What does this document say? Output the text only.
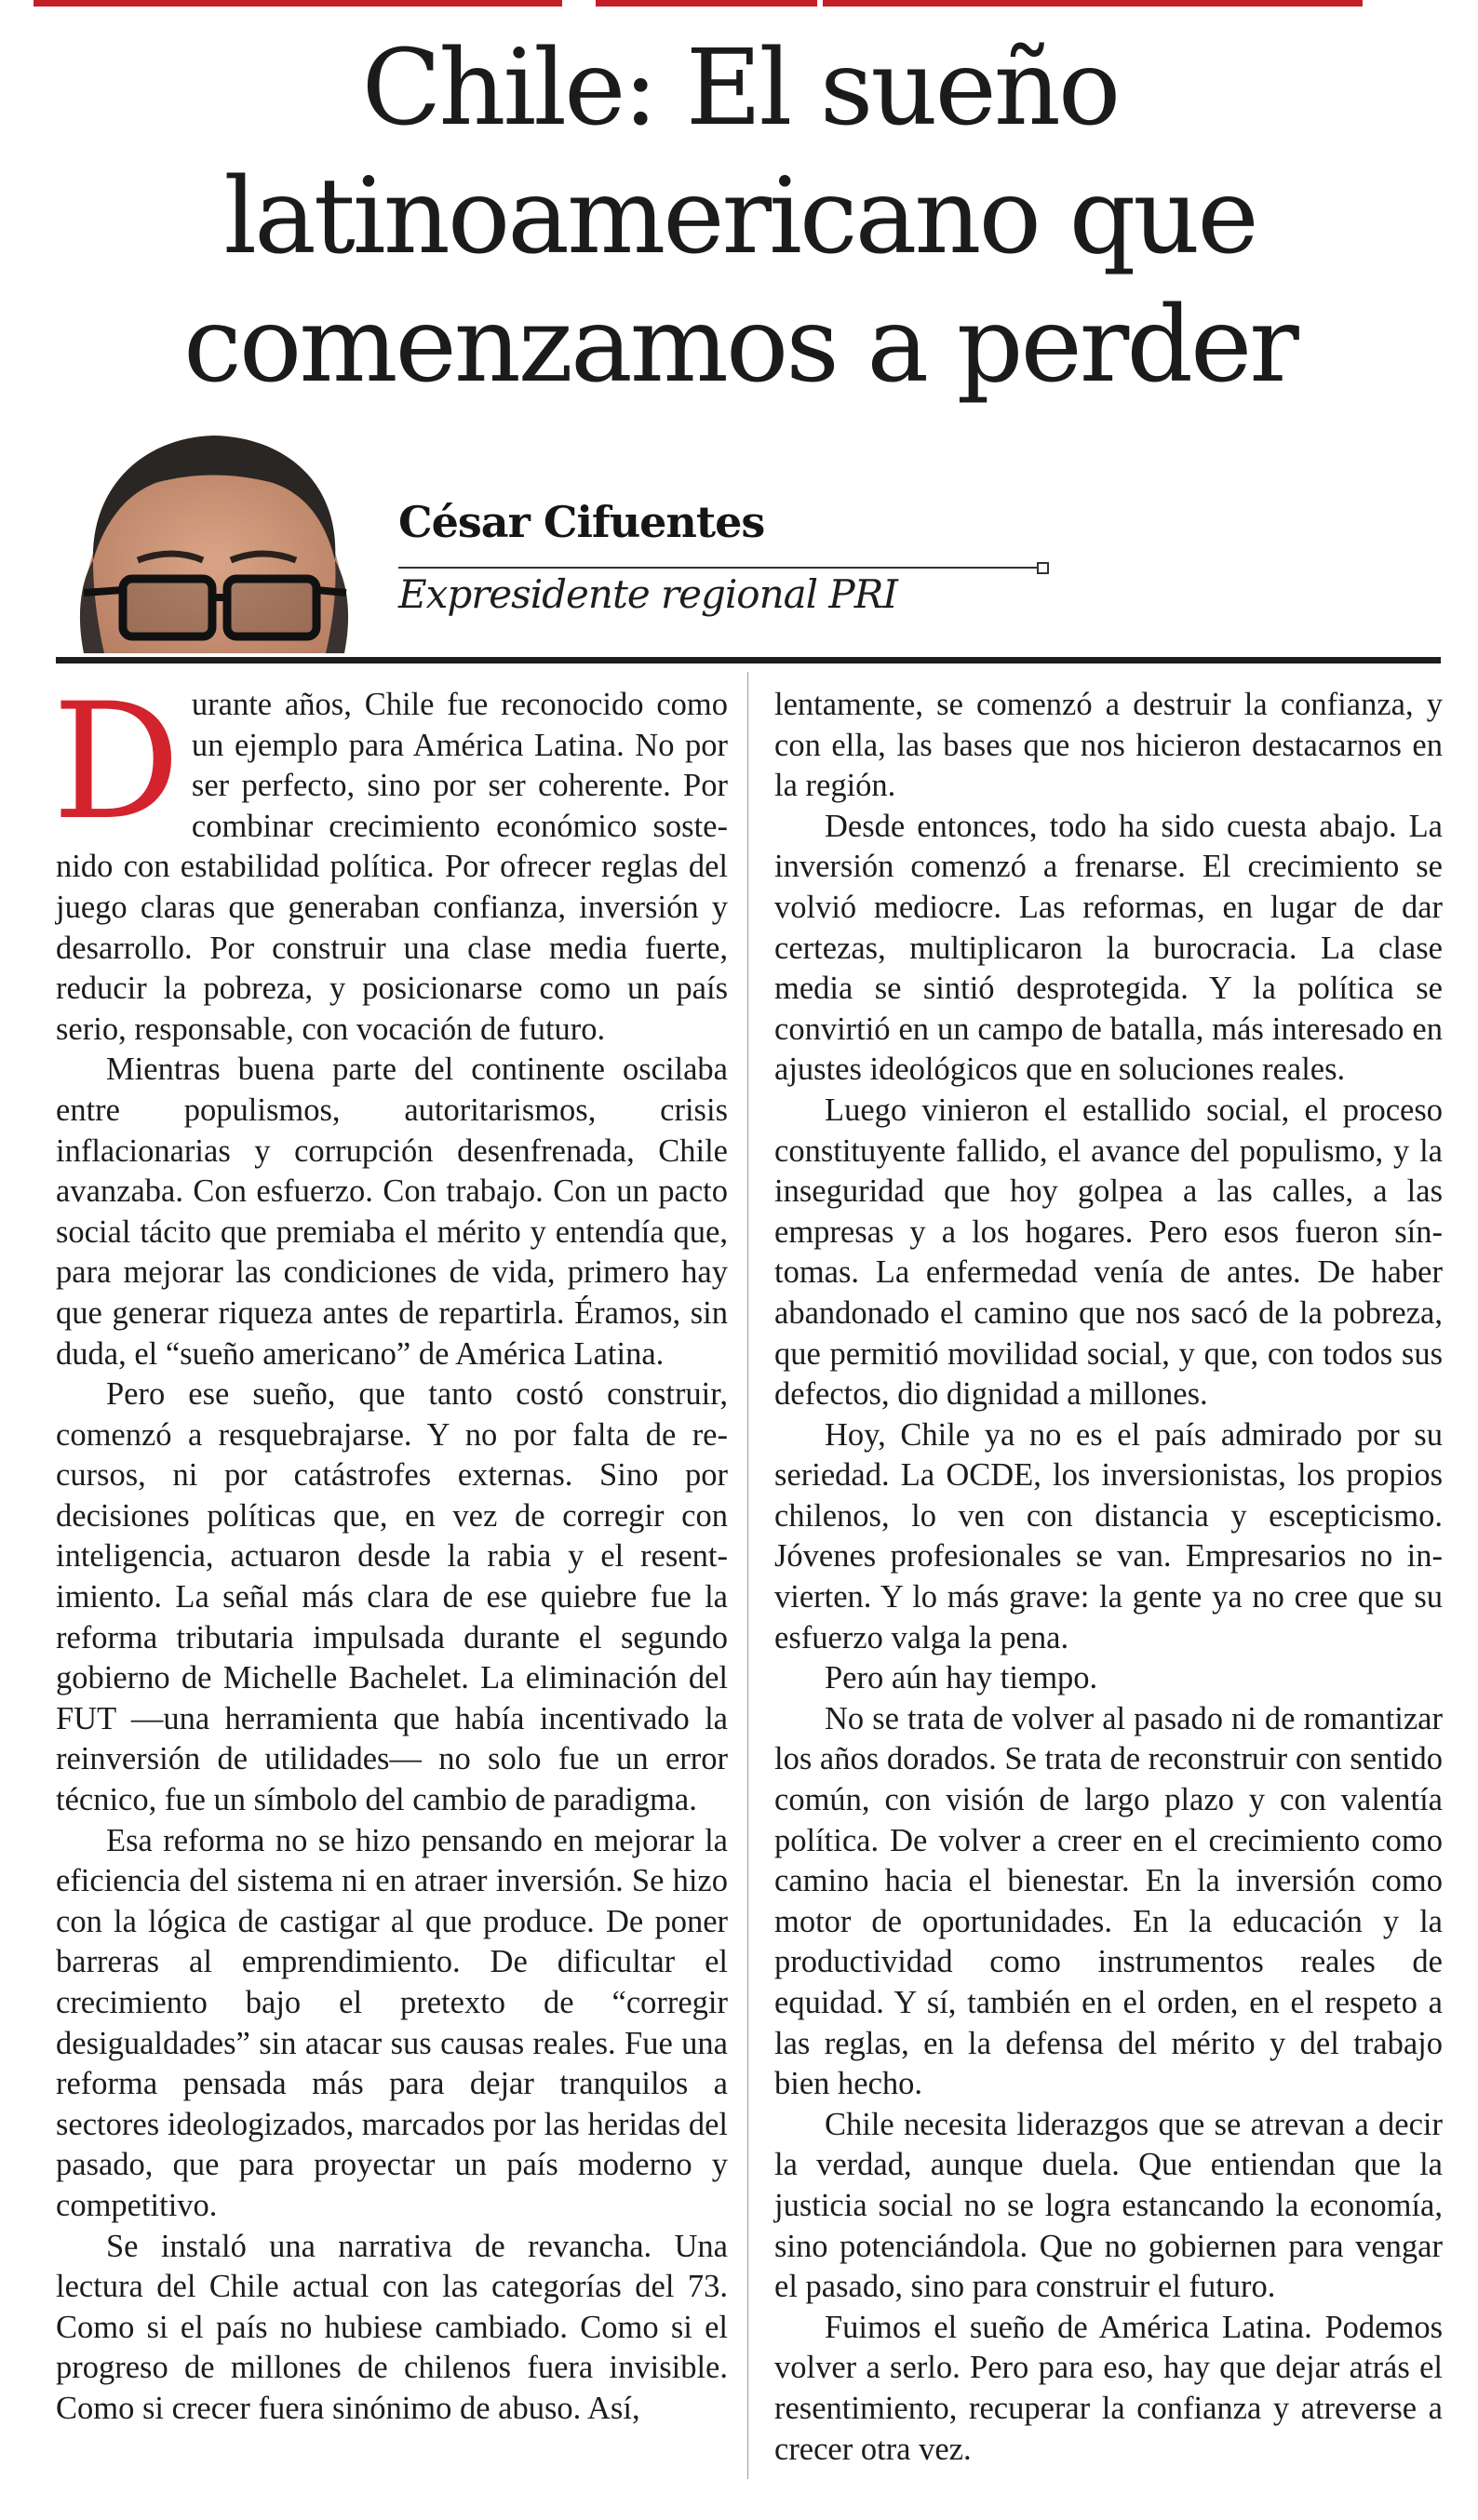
Chile: El sueño latinoamericano que comenzamos a perder
César Cifuentes
Expresidente regional PRI

Durante años, Chile fue reconocido como un ejemplo para América Latina. No por ser perfecto, sino por ser coherente. Por combinar crecimiento económico sostenido con estabilidad política. Por ofrecer reglas del juego claras que generaban confianza, inversión y desarrollo. Por construir una clase media fuerte, reducir la pobreza, y posicionarse como un país serio, responsable, con vocación de futuro.

Mientras buena parte del continente oscilaba entre populismos, autoritarismos, crisis inflacionarias y corrupción desenfrenada, Chile avanzaba. Con esfuerzo. Con trabajo. Con un pacto social tácito que premiaba el mérito y entendía que, para mejorar las condiciones de vida, primero hay que generar riqueza antes de repartirla. Éramos, sin duda, el “sueño americano” de América Latina.

Pero ese sueño, que tanto costó construir, comenzó a resquebrajarse. Y no por falta de recursos, ni por catástrofes externas. Sino por decisiones políticas que, en vez de corregir con inteligencia, actuaron desde la rabia y el resentimiento. La señal más clara de ese quiebre fue la reforma tributaria impulsada durante el segundo gobierno de Michelle Bachelet. La eliminación del FUT —una herramienta que había incentivado la reinversión de utilidades— no solo fue un error técnico, fue un símbolo del cambio de paradigma.

Esa reforma no se hizo pensando en mejorar la eficiencia del sistema ni en atraer inversión. Se hizo con la lógica de castigar al que produce. De poner barreras al emprendimiento. De dificultar el crecimiento bajo el pretexto de “corregir desigualdades” sin atacar sus causas reales. Fue una reforma pensada más para dejar tranquilos a sectores ideologizados, marcados por las heridas del pasado, que para proyectar un país moderno y competitivo.

Se instaló una narrativa de revancha. Una lectura del Chile actual con las categorías del 73. Como si el país no hubiese cambiado. Como si el progreso de millones de chilenos fuera invisible. Como si crecer fuera sinónimo de abuso. Así,

lentamente, se comenzó a destruir la confianza, y con ella, las bases que nos hicieron destacarnos en la región.

Desde entonces, todo ha sido cuesta abajo. La inversión comenzó a frenarse. El crecimiento se volvió mediocre. Las reformas, en lugar de dar certezas, multiplicaron la burocracia. La clase media se sintió desprotegida. Y la política se convirtió en un campo de batalla, más interesado en ajustes ideológicos que en soluciones reales.

Luego vinieron el estallido social, el proceso constituyente fallido, el avance del populismo, y la inseguridad que hoy golpea a las calles, a las empresas y a los hogares. Pero esos fueron síntomas. La enfermedad venía de antes. De haber abandonado el camino que nos sacó de la pobreza, que permitió movilidad social, y que, con todos sus defectos, dio dignidad a millones.

Hoy, Chile ya no es el país admirado por su seriedad. La OCDE, los inversionistas, los propios chilenos, lo ven con distancia y escepticismo. Jóvenes profesionales se van. Empresarios no invierten. Y lo más grave: la gente ya no cree que su esfuerzo valga la pena.

Pero aún hay tiempo.

No se trata de volver al pasado ni de romantizar los años dorados. Se trata de reconstruir con sentido común, con visión de largo plazo y con valentía política. De volver a creer en el crecimiento como camino hacia el bienestar. En la inversión como motor de oportunidades. En la educación y la productividad como instrumentos reales de equidad. Y sí, también en el orden, en el respeto a las reglas, en la defensa del mérito y del trabajo bien hecho.

Chile necesita liderazgos que se atrevan a decir la verdad, aunque duela. Que entiendan que la justicia social no se logra estancando la economía, sino potenciándola. Que no gobiernen para vengar el pasado, sino para construir el futuro.

Fuimos el sueño de América Latina. Podemos volver a serlo. Pero para eso, hay que dejar atrás el resentimiento, recuperar la confianza y atreverse a crecer otra vez.
